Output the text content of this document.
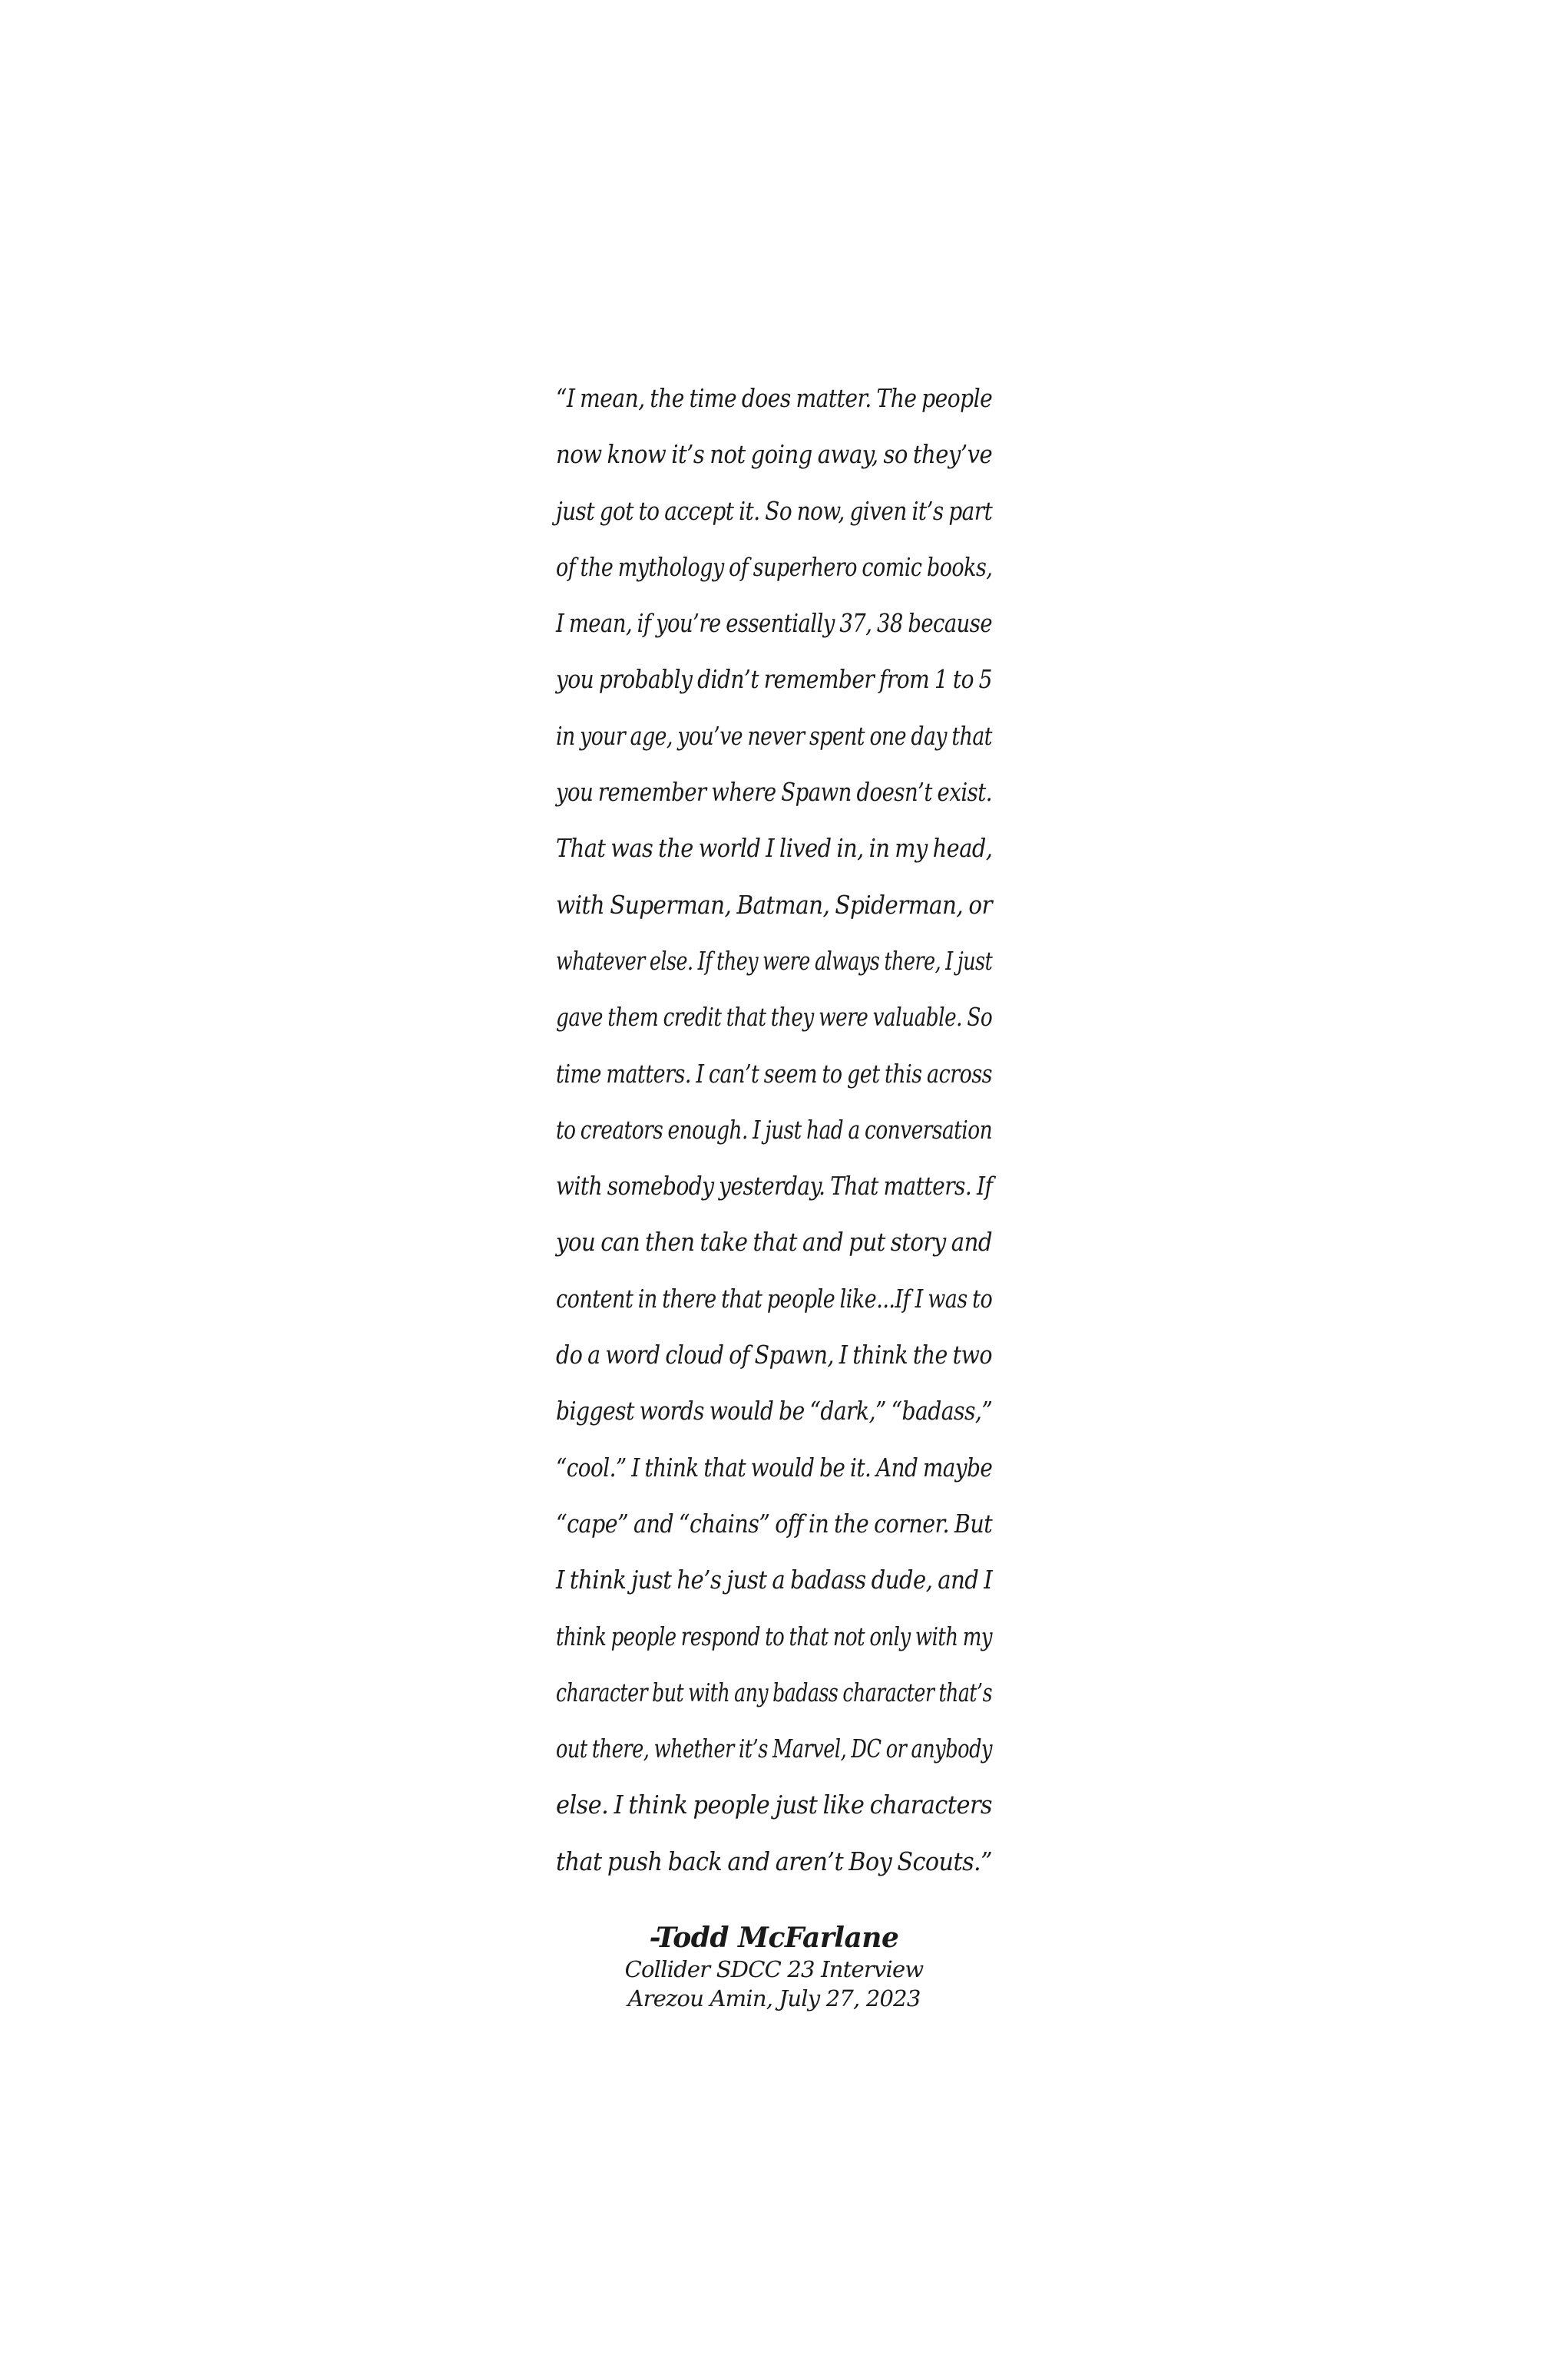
“I mean, the time does matter. The people
now know it’s not going away, so they’ve
just got to accept it. So now, given it’s part
of the mythology of superhero comic books,
I mean, if you’re essentially 37, 38 because
you probably didn’t remember from 1 to 5
in your age, you’ve never spent one day that
you remember where Spawn doesn’t exist.
That was the world I lived in, in my head,
with Superman, Batman, Spiderman, or
whatever else. If they were always there, I just
gave them credit that they were valuable. So
time matters. I can’t seem to get this across
to creators enough. I just had a conversation
with somebody yesterday. That matters. If
you can then take that and put story and
content in there that people like...If I was to
do a word cloud of Spawn, I think the two
biggest words would be “dark,” “badass,”
“cool.” I think that would be it. And maybe
“cape” and “chains” off in the corner. But
I think just he’s just a badass dude, and I
think people respond to that not only with my
character but with any badass character that’s
out there, whether it’s Marvel, DC or anybody
else. I think people just like characters
that push back and aren’t Boy Scouts.”
-Todd McFarlane
Collider SDCC 23 Interview
Arezou Amin, July 27, 2023
